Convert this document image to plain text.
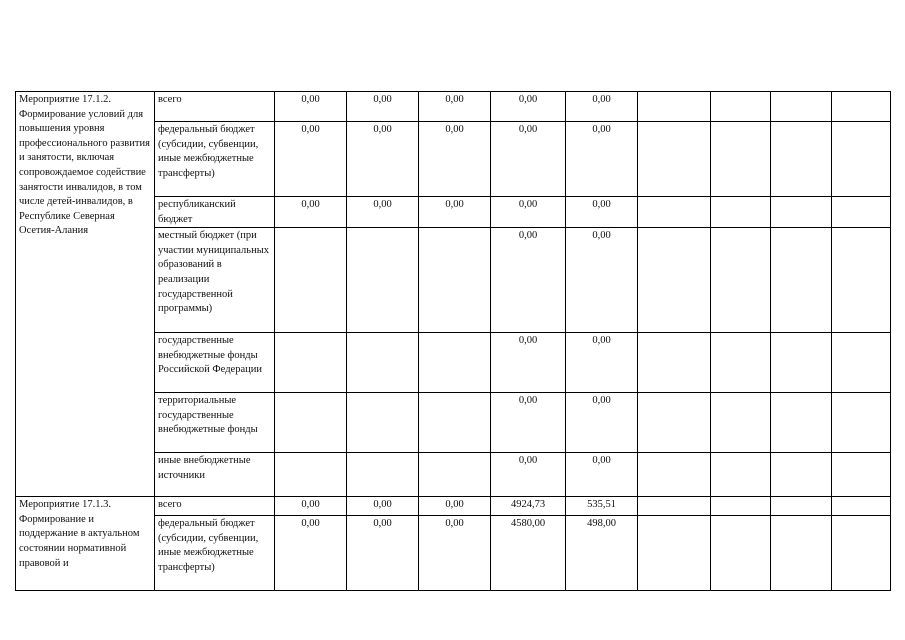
Мероприятие 17.1.2. Формирование условий для повышения уровня профессионального развития и занятости, включая сопровождаемое содействие занятости инвалидов, в том числе детей-инвалидов, в Республике Северная Осетия-Алания	всего	0,00	0,00	0,00	0,00	0,00				
	федеральный бюджет (субсидии, субвенции, иные межбюджетные трансферты)	0,00	0,00	0,00	0,00	0,00				
	республиканский бюджет	0,00	0,00	0,00	0,00	0,00				
	местный бюджет (при участии муниципальных образований в реализации государственной программы)				0,00	0,00				
	государственные внебюджетные фонды Российской Федерации				0,00	0,00				
	территориальные государственные внебюджетные фонды				0,00	0,00				
	иные внебюджетные источники				0,00	0,00				
Мероприятие 17.1.3. Формирование и поддержание в актуальном состоянии нормативной правовой и	всего	0,00	0,00	0,00	4924,73	535,51				
	федеральный бюджет (субсидии, субвенции, иные межбюджетные трансферты)	0,00	0,00	0,00	4580,00	498,00				
